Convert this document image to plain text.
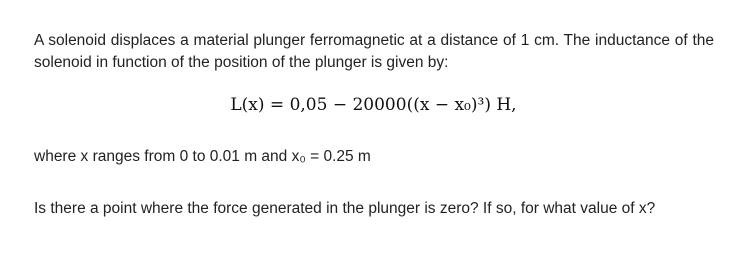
A solenoid displaces a material plunger ferromagnetic at a distance of 1 cm. The inductance of the solenoid in function of the position of the plunger is given by:

L(x) = 0,05 − 20000((x − x₀)³) H,

where x ranges from 0 to 0.01 m and x₀ = 0.25 m

Is there a point where the force generated in the plunger is zero? If so, for what value of x?
